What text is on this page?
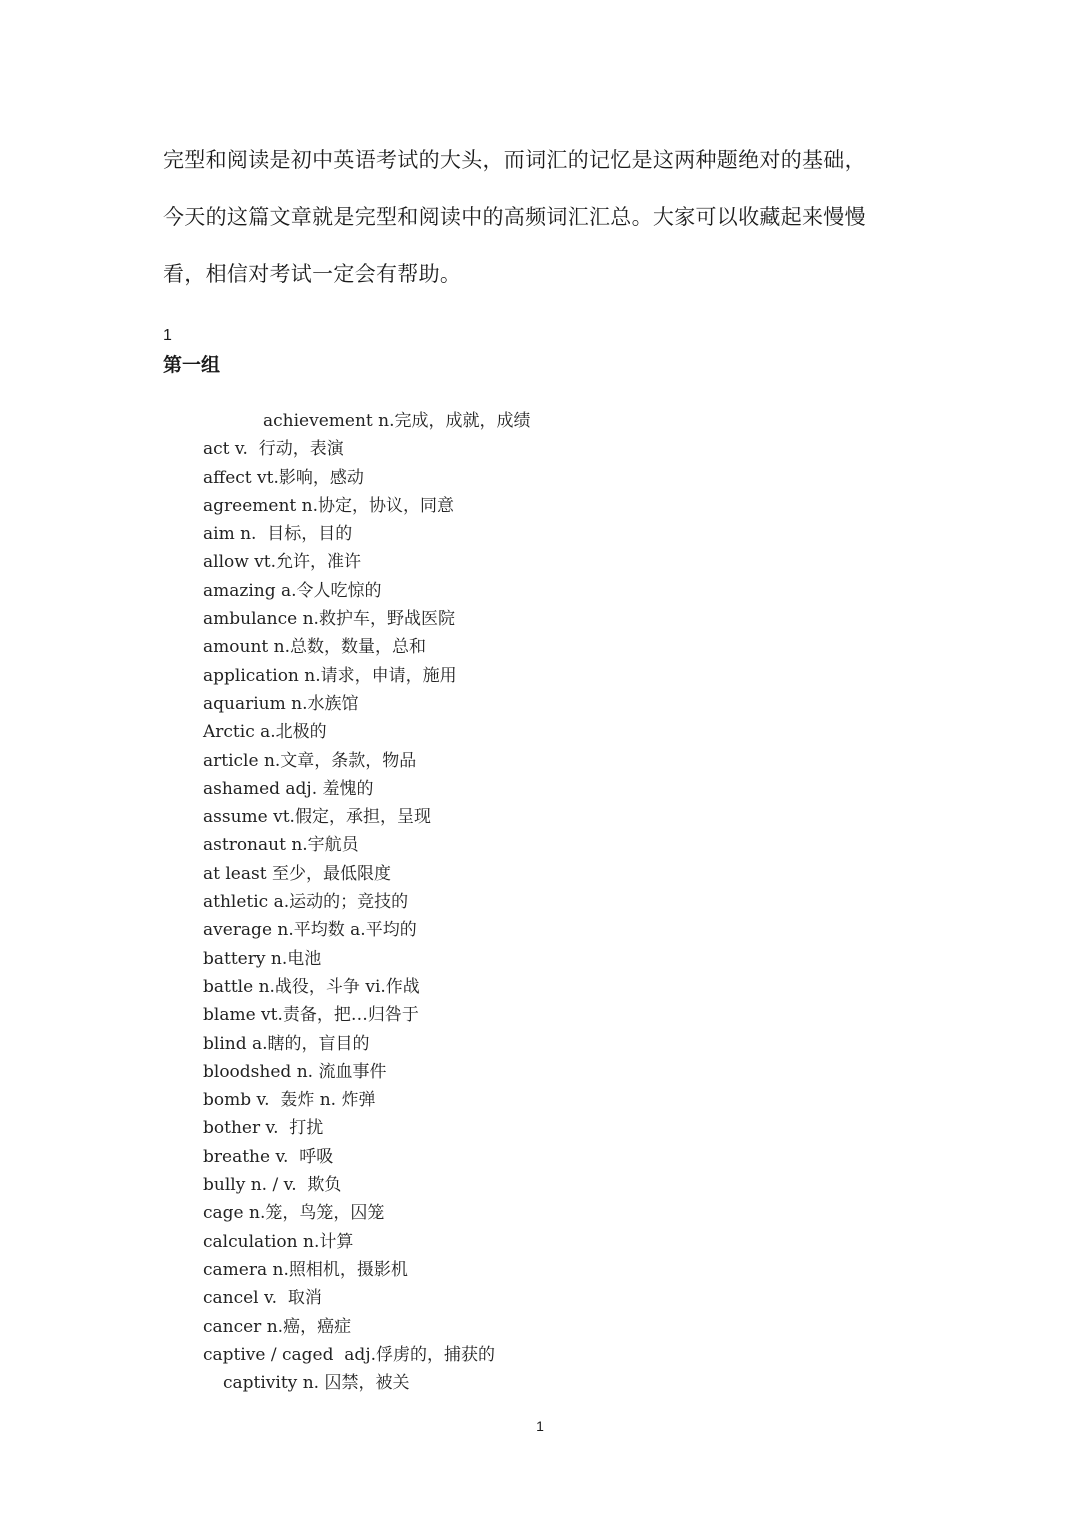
完型和阅读是初中英语考试的大头，而词汇的记忆是这两种题绝对的基础，

今天的这篇文章就是完型和阅读中的高频词汇汇总。大家可以收藏起来慢慢

看，相信对考试一定会有帮助。

1
第一组
achievement n.完成，成就，成绩
act v.  行动，表演
affect vt.影响，感动
agreement n.协定，协议，同意
aim n.  目标，目的
allow vt.允许，准许
amazing a.令人吃惊的
ambulance n.救护车，野战医院
amount n.总数，数量，总和
application n.请求，申请，施用
aquarium n.水族馆
Arctic a.北极的
article n.文章，条款，物品
ashamed adj. 羞愧的
assume vt.假定，承担，呈现
astronaut n.宇航员
at least 至少，最低限度
athletic a.运动的；竞技的
average n.平均数 a.平均的
battery n.电池
battle n.战役，斗争 vi.作战
blame vt.责备，把…归咎于
blind a.瞎的，盲目的
bloodshed n. 流血事件
bomb v.  轰炸 n. 炸弹
bother v.  打扰
breathe v.  呼吸
bully n. / v.  欺负
cage n.笼，鸟笼，囚笼
calculation n.计算
camera n.照相机，摄影机
cancel v.  取消
cancer n.癌，癌症
captive / caged  adj.俘虏的，捕获的
captivity n. 囚禁，被关
1
